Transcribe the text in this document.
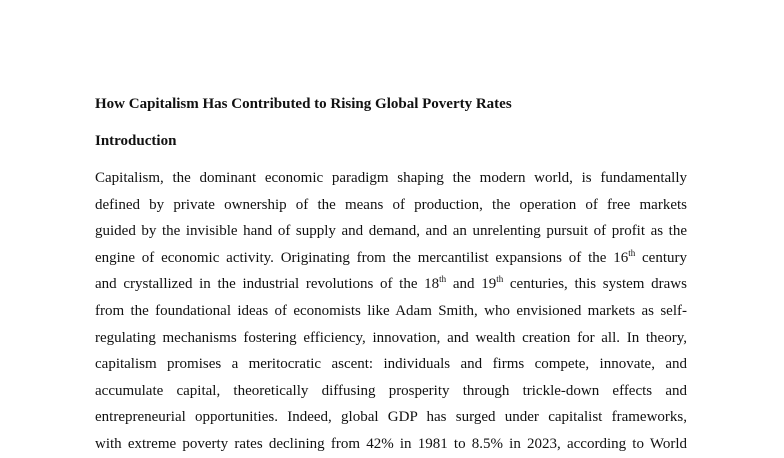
How Capitalism Has Contributed to Rising Global Poverty Rates
Introduction
Capitalism, the dominant economic paradigm shaping the modern world, is fundamentally
defined by private ownership of the means of production, the operation of free markets
guided by the invisible hand of supply and demand, and an unrelenting pursuit of profit as the
engine of economic activity. Originating from the mercantilist expansions of the 16th century
and crystallized in the industrial revolutions of the 18th and 19th centuries, this system draws
from the foundational ideas of economists like Adam Smith, who envisioned markets as self-
regulating mechanisms fostering efficiency, innovation, and wealth creation for all. In theory,
capitalism promises a meritocratic ascent: individuals and firms compete, innovate, and
accumulate capital, theoretically diffusing prosperity through trickle-down effects and
entrepreneurial opportunities. Indeed, global GDP has surged under capitalist frameworks,
with extreme poverty rates declining from 42% in 1981 to 8.5% in 2023, according to World
